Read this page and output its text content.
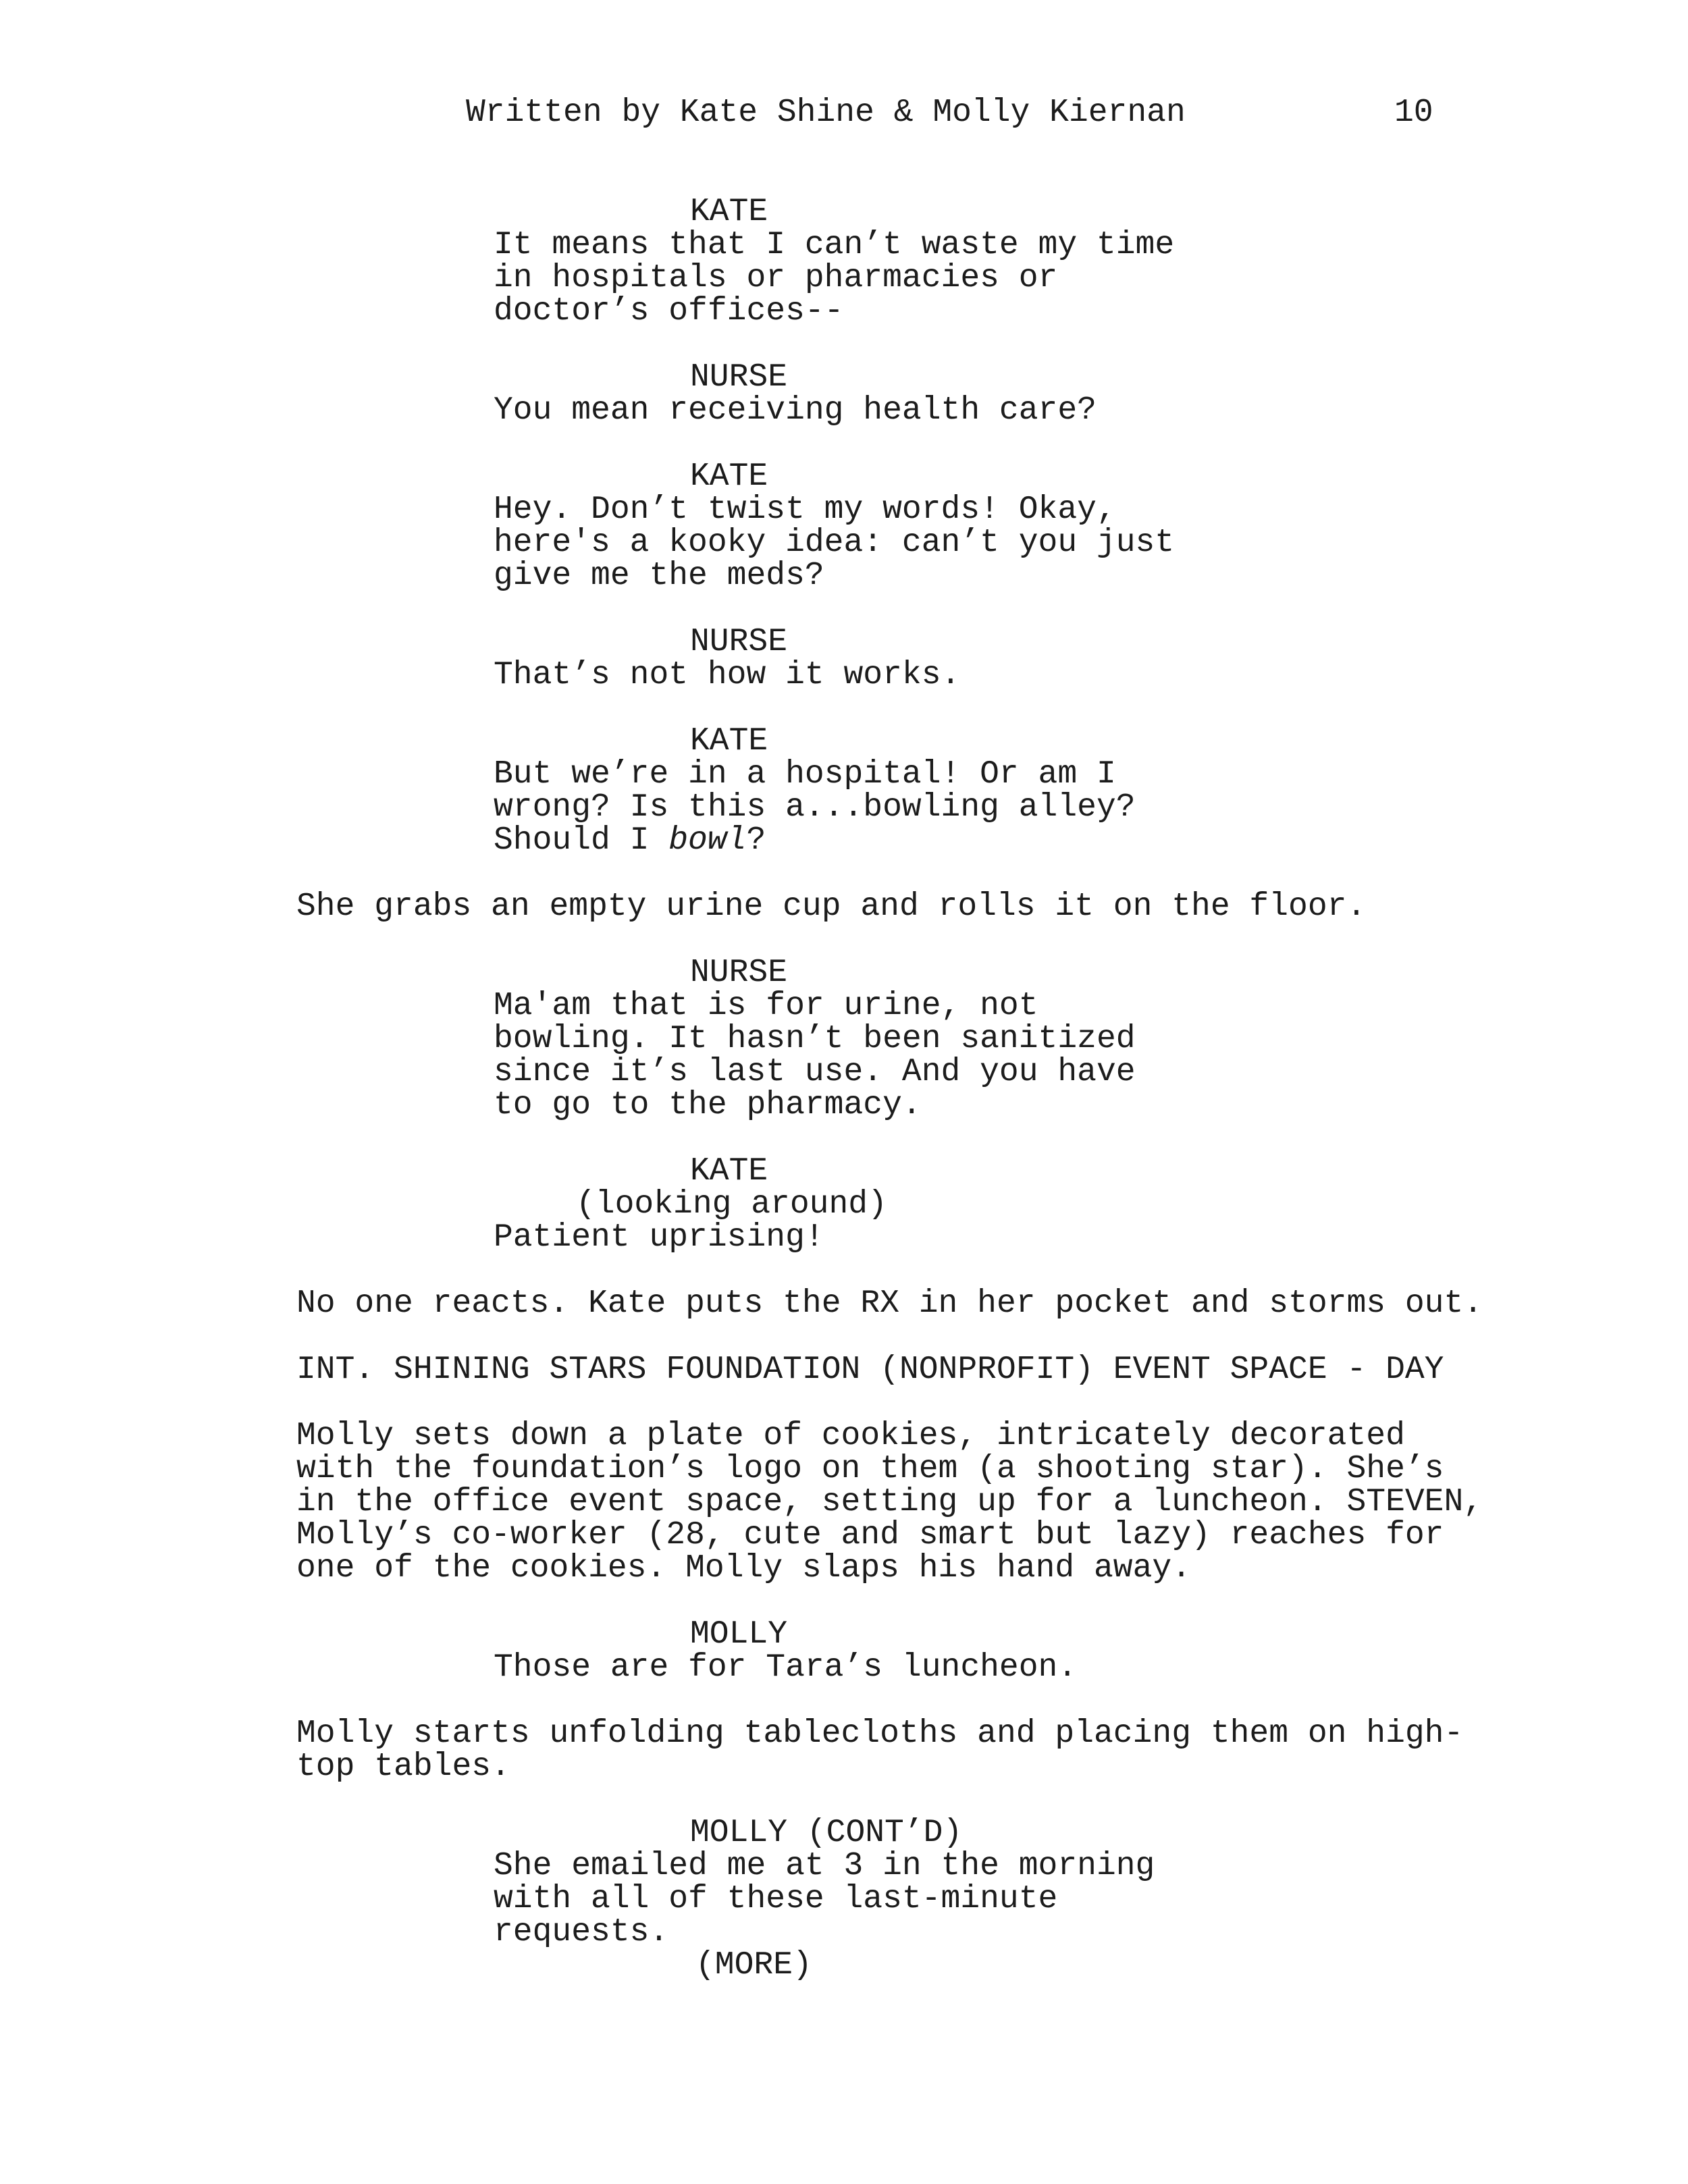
Written by Kate Shine & Molly Kiernan	10
KATE
It means that I can’t waste my time
in hospitals or pharmacies or
doctor’s offices--
NURSE
You mean receiving health care?
KATE
Hey. Don’t twist my words! Okay,
here's a kooky idea: can’t you just
give me the meds?
NURSE
That’s not how it works.
KATE
But we’re in a hospital! Or am I
wrong? Is this a...bowling alley?
Should I bowl?
She grabs an empty urine cup and rolls it on the floor.
NURSE
Ma'am that is for urine, not
bowling. It hasn’t been sanitized
since it’s last use. And you have
to go to the pharmacy.
KATE
(looking around)
Patient uprising!
No one reacts. Kate puts the RX in her pocket and storms out.
INT. SHINING STARS FOUNDATION (NONPROFIT) EVENT SPACE - DAY
Molly sets down a plate of cookies, intricately decorated
with the foundation’s logo on them (a shooting star). She’s
in the office event space, setting up for a luncheon. STEVEN,
Molly’s co-worker (28, cute and smart but lazy) reaches for
one of the cookies. Molly slaps his hand away.
MOLLY
Those are for Tara’s luncheon.
Molly starts unfolding tablecloths and placing them on high-
top tables.
MOLLY (CONT’D)
She emailed me at 3 in the morning
with all of these last-minute
requests.
(MORE)
